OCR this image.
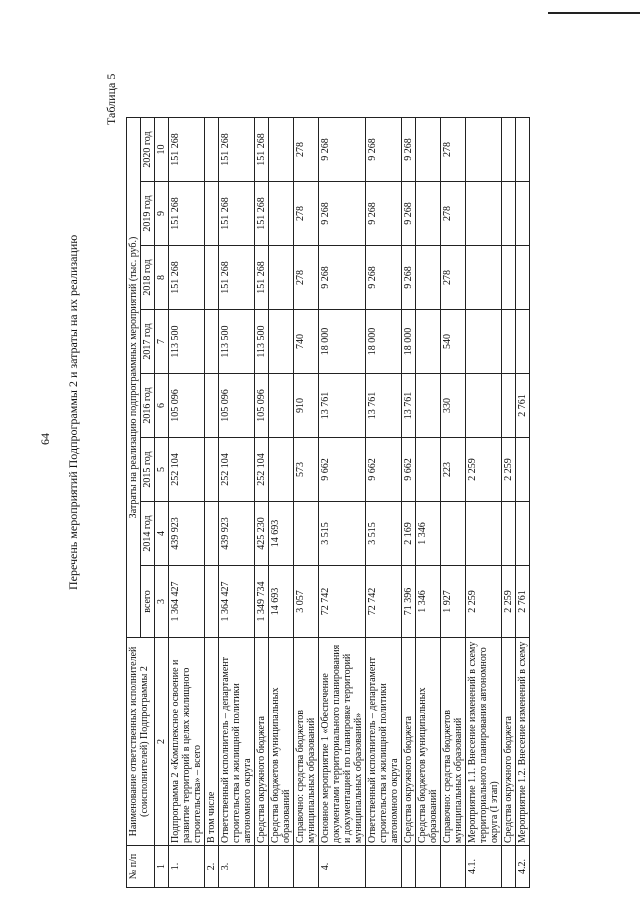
64
Таблица 5
Перечень мероприятий Подпрограммы 2 и затраты на их реализацию
№ п/п	Наименование ответственных исполнителей (соисполнителей) Подпрограммы 2	Затраты на реализацию подпрограммных мероприятий (тыс. руб.)							
		всего	2014 год	2015 год	2016 год	2017 год	2018 год	2019 год	2020 год
1	2	3	4	5	6	7	8	9	10
1.	Подпрограмма 2 «Комплексное освоение и развитие территорий в целях жилищного строительства» – всего	1 364 427	439 923	252 104	105 096	113 500	151 268	151 268	151 268
2.	В том числе								
3.	Ответственный исполнитель – департамент строительства и жилищной политики автономного округа	1 364 427	439 923	252 104	105 096	113 500	151 268	151 268	151 268
	Средства окружного бюджета	1 349 734	425 230	252 104	105 096	113 500	151 268	151 268	151 268
	Средства бюджетов муниципальных образований	14 693	14 693						
	Справочно: средства бюджетов муниципальных образований	3 057		573	910	740	278	278	278
4.	Основное мероприятие 1 «Обеспечение документами территориального планирования и документацией по планировке территорий муниципальных образований»	72 742	3 515	9 662	13 761	18 000	9 268	9 268	9 268
	Ответственный исполнитель – департамент строительства и жилищной политики автономного округа	72 742	3 515	9 662	13 761	18 000	9 268	9 268	9 268
	Средства окружного бюджета	71 396	2 169	9 662	13 761	18 000	9 268	9 268	9 268
	Средства бюджетов муниципальных образований	1 346	1 346						
	Справочно: средства бюджетов муниципальных образований	1 927		223	330	540	278	278	278
4.1.	Мероприятие 1.1. Внесение изменений в схему территориального планирования автономного округа (I этап)	2 259		2 259					
	Средства окружного бюджета	2 259		2 259					
4.2.	Мероприятие 1.2. Внесение изменений в схему	2 761			2 761				
